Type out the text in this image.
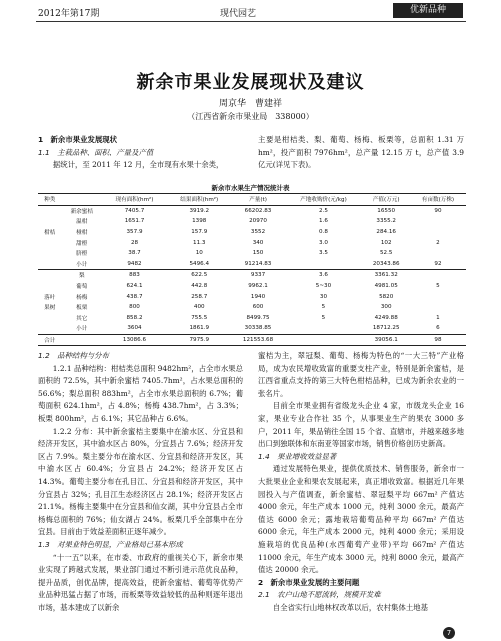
2012年第17期	现代园艺	优新品种
新余市果业发展现状及建议
周京华　曹建祥
（江西省新余市果业局　338000）

1　新余市果业发展现状

1.1　主栽品种、面积、产量及产值

据统计，至 2011 年 12 月，全市现有水果十余类，

主要是柑桔类、梨、葡萄、杨梅、板栗等，总面积 1.31 万 hm²，投产面积 7976hm²，总产量 12.15 万 t，总产值 3.9 亿元(详见下表)。

新余市水果生产情况统计表
种类		现有面积(hm²)	结果面积(hm²)	产量(t)	产地收购价(元/kg)	产值(万元)	有亩数(万株)
	新余蜜桔	7405.7	3919.2	66202.83	2.5	16550	90
	温柑	1651.7	1398	20970	1.6	3355.2	
柑桔	椪柑	357.9	157.9	3552	0.8	284.16	
	甜橙	28	11.3	340	3.0	102	2
	脐橙	38.7	10	150	3.5	52.5	
	小计	9482	5496.4	91214.83		20343.86	92
	梨	883	622.5	9337	3.6	3361.32	
	葡萄	624.1	442.8	9962.1	5~30	4981.05	5
落叶	杨梅	438.7	258.7	1940	30	5820	
果树	板栗	800	400	600	5	300	
	其它	858.2	755.5	8499.75	5	4249.88	1
	小计	3604	1861.9	30338.85		18712.25	6
合计		13086.6	7975.9	121553.68		39056.1	98

1.2　品种结构与分布

1.2.1 品种结构：柑桔类总面积 9482hm²，占全市水果总面积的 72.5%，其中新余蜜桔 7405.7hm²，占水果总面积的 56.6%；梨总面积 883hm²，占全市水果总面积的 6.7%；葡萄面积 624.1hm²，占 4.8%；杨梅 438.7hm²，占 3.3%；板栗 800hm²，占 6.1%；其它品种占 6.6%。

1.2.2 分布：其中新余蜜桔主要集中在渝水区、分宜县和经济开发区，其中渝水区占 80%，分宜县占 7.6%；经济开发区占 7.9%。梨主要分布在渝水区、分宜县和经济开发区，其中渝水区占 60.4%；分宜县占 24.2%；经济开发区占 14.3%。葡萄主要分布在孔目江、分宜县和经济开发区，其中分宜县占 32%；孔目江生态经济区占 28.1%；经济开发区占 21.1%。杨梅主要集中在分宜县和仙女湖，其中分宜县占全市杨梅总面积的 76%；仙女湖占 24%。板栗几乎全部集中在分宜县。目前由于效益差面积正逐年减少。

1.3　对果业特色明显，产业格局已基本形成

“十一五”以来，在市委、市政府的重视关心下，新余市果业实现了跨越式发展，果业部门通过不断引进示范优良品种，提升品质，创优品牌，提高效益，使新余蜜桔、葡萄等优势产业品种迅猛占据了市场，而板栗等效益较低的品种则逐年退出市场，基本建成了以新余

蜜桔为主，翠冠梨、葡萄、杨梅为特色的“一大三特”产业格局，成为农民增收致富的重要支柱产业，特别是新余蜜桔，是江西省重点支持的第三大特色柑桔品种，已成为新余农业的一张名片。

目前全市果业拥有省级龙头企业 4 家，市级龙头企业 16 家，果业专业合作社 35 个，从事果业生产的果农 3000 多户，2011 年，果品销往全国 15 个省、直辖市，并越来越多地出口到独联体和东南亚等国家市场，销售价格创历史新高。

1.4　果业增收效益显著

通过发展特色果业，提供优质技术、销售服务，新余市一大批果业企业和果农发展起来，真正增收致富。根据近几年果园投入与产值调查，新余蜜桔、翠冠梨平均 667m² 产值达 4000 余元，年生产成本 1000 元，纯利 3000 余元，最高产值达 6000 余元；露地栽培葡萄品种平均 667m² 产值达 6000 余元，年生产成本 2000 元，纯利 4000 余元；采用设施栽培的优良品种(水西葡萄产业带)平均 667m² 产值达 11000 余元，年生产成本 3000 元，纯利 8000 余元，最高产值达 20000 余元。

2　新余市果业发展的主要问题

2.1　农户山地不愿流转，规模开发难

自全省实行山地林权改革以后，农村集体土地基

7
